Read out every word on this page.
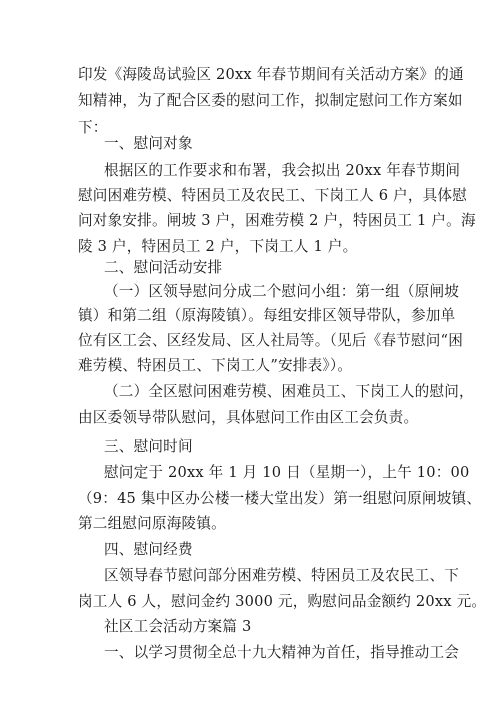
印发《海陵岛试验区 20xx 年春节期间有关活动方案》的通
知精神，为了配合区委的慰问工作，拟制定慰问工作方案如
下：
一、慰问对象
根据区的工作要求和布署，我会拟出 20xx 年春节期间
慰问困难劳模、特困员工及农民工、下岗工人 6 户，具体慰
问对象安排。闸坡 3 户，困难劳模 2 户，特困员工 1 户。海
陵 3 户，特困员工 2 户，下岗工人 1 户。
二、慰问活动安排
（一）区领导慰问分成二个慰问小组：第一组（原闸坡
镇）和第二组（原海陵镇）。每组安排区领导带队，参加单
位有区工会、区经发局、区人社局等。（见后《春节慰问“困
难劳模、特困员工、下岗工人”安排表》）。
（二）全区慰问困难劳模、困难员工、下岗工人的慰问，
由区委领导带队慰问，具体慰问工作由区工会负责。
三、慰问时间
慰问定于 20xx 年 1 月 10 日（星期一），上午 10：00
（9：45 集中区办公楼一楼大堂出发）第一组慰问原闸坡镇、
第二组慰问原海陵镇。
四、慰问经费
区领导春节慰问部分困难劳模、特困员工及农民工、下
岗工人 6 人，慰问金约 3000 元，购慰问品金额约 20xx 元。
社区工会活动方案篇 3
一、以学习贯彻全总十九大精神为首任，指导推动工会
